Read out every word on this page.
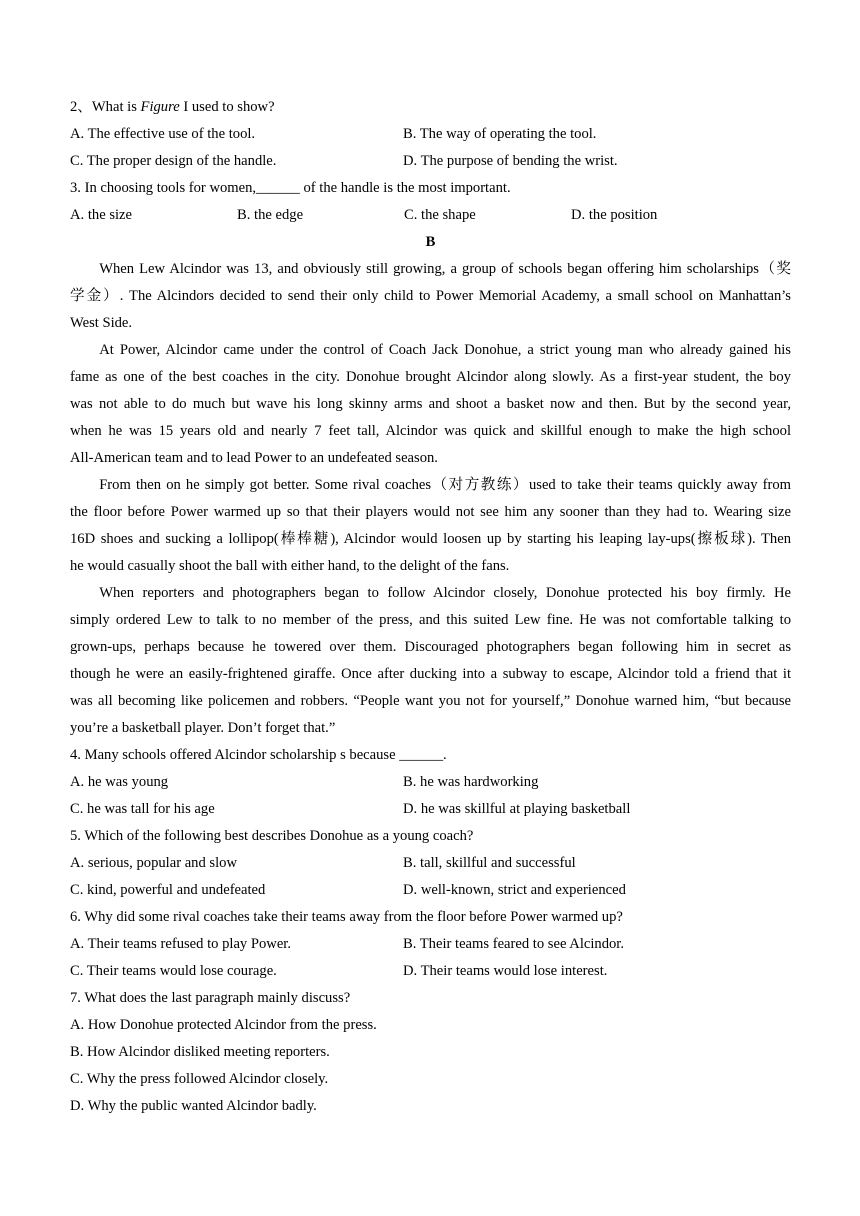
2、What is Figure I used to show?
A. The effective use of the tool.	B. The way of operating the tool.
C. The proper design of the handle.	D. The purpose of bending the wrist.
3. In choosing tools for women,______ of the handle is the most important.
A. the size	B. the edge	C. the shape	D. the position
B
When Lew Alcindor was 13, and obviously still growing, a group of schools began offering him scholarships（奖
学金）. The Alcindors decided to send their only child to Power Memorial Academy, a small school on Manhattan’s
West Side.
At Power, Alcindor came under the control of Coach Jack Donohue, a strict young man who already gained his
fame as one of the best coaches in the city. Donohue brought Alcindor along slowly. As a first-year student, the boy
was not able to do much but wave his long skinny arms and shoot a basket now and then. But by the second year,
when he was 15 years old and nearly 7 feet tall, Alcindor was quick and skillful enough to make the high school
All-American team and to lead Power to an undefeated season.
From then on he simply got better. Some rival coaches（对方教练）used to take their teams quickly away from
the floor before Power warmed up so that their players would not see him any sooner than they had to. Wearing size
16D shoes and sucking a lollipop(棒棒糖), Alcindor would loosen up by starting his leaping lay-ups(擦板球). Then
he would casually shoot the ball with either hand, to the delight of the fans.
When reporters and photographers began to follow Alcindor closely, Donohue protected his boy firmly. He
simply ordered Lew to talk to no member of the press, and this suited Lew fine. He was not comfortable talking to
grown-ups, perhaps because he towered over them. Discouraged photographers began following him in secret as
though he were an easily-frightened giraffe. Once after ducking into a subway to escape, Alcindor told a friend that it
was all becoming like policemen and robbers. “People want you not for yourself,” Donohue warned him, “but because
you’re a basketball player. Don’t forget that.”
4. Many schools offered Alcindor scholarship s because ______.
A. he was young	B. he was hardworking
C. he was tall for his age	D. he was skillful at playing basketball
5. Which of the following best describes Donohue as a young coach?
A. serious, popular and slow	B. tall, skillful and successful
C. kind, powerful and undefeated	D. well-known, strict and experienced
6. Why did some rival coaches take their teams away from the floor before Power warmed up?
A. Their teams refused to play Power.	B. Their teams feared to see Alcindor.
C. Their teams would lose courage.	D. Their teams would lose interest.
7. What does the last paragraph mainly discuss?
A. How Donohue protected Alcindor from the press.
B. How Alcindor disliked meeting reporters.
C. Why the press followed Alcindor closely.
D. Why the public wanted Alcindor badly.
